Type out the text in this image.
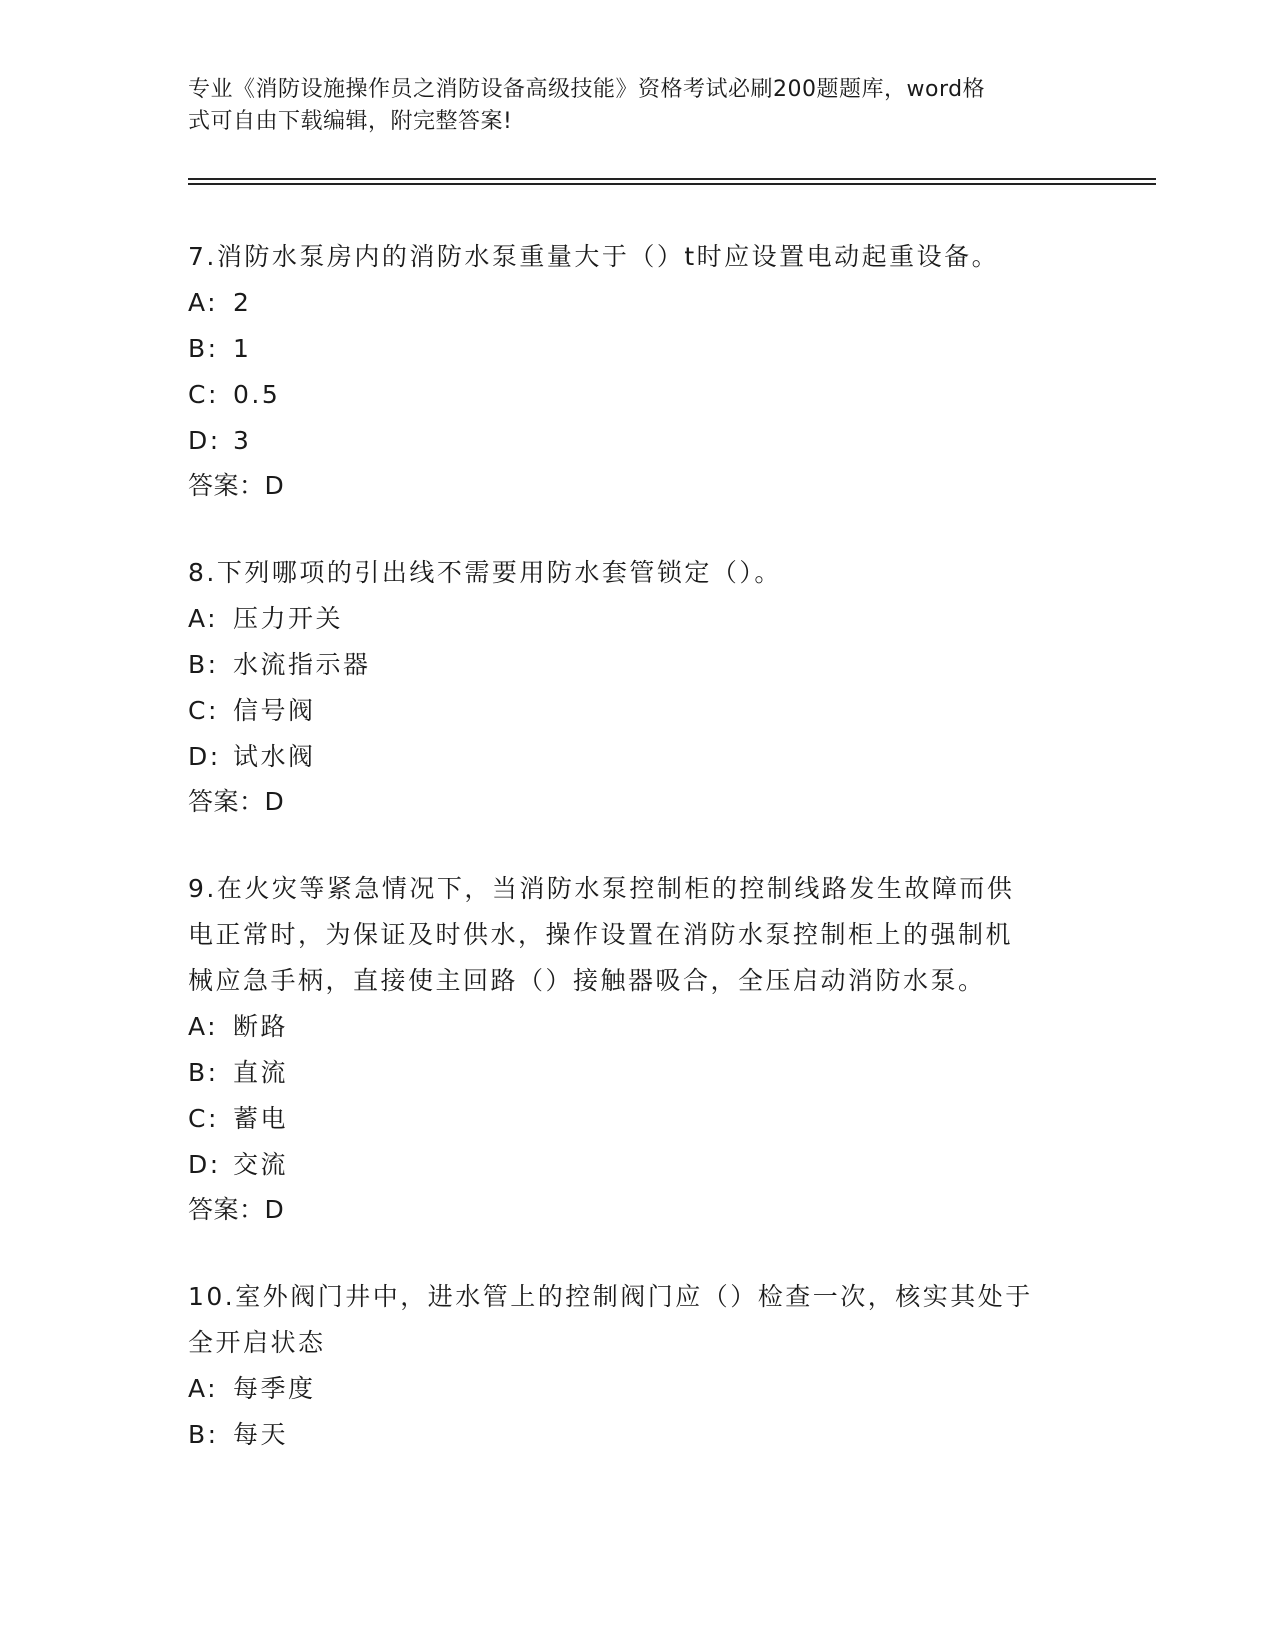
专业《消防设施操作员之消防设备高级技能》资格考试必刷200题题库，word格

式可自由下载编辑，附完整答案!

7.消防水泵房内的消防水泵重量大于（）t时应设置电动起重设备。

A: 2
B: 1
C: 0.5
D: 3

答案：D

8.下列哪项的引出线不需要用防水套管锁定（）。

A: 压力开关
B: 水流指示器
C: 信号阀
D: 试水阀

答案：D

9.在火灾等紧急情况下，当消防水泵控制柜的控制线路发生故障而供

电正常时，为保证及时供水，操作设置在消防水泵控制柜上的强制机

械应急手柄，直接使主回路（）接触器吸合，全压启动消防水泵。

A: 断路
B: 直流
C: 蓄电
D: 交流

答案：D

10.室外阀门井中，进水管上的控制阀门应（）检查一次，核实其处于

全开启状态

A: 每季度
B: 每天
